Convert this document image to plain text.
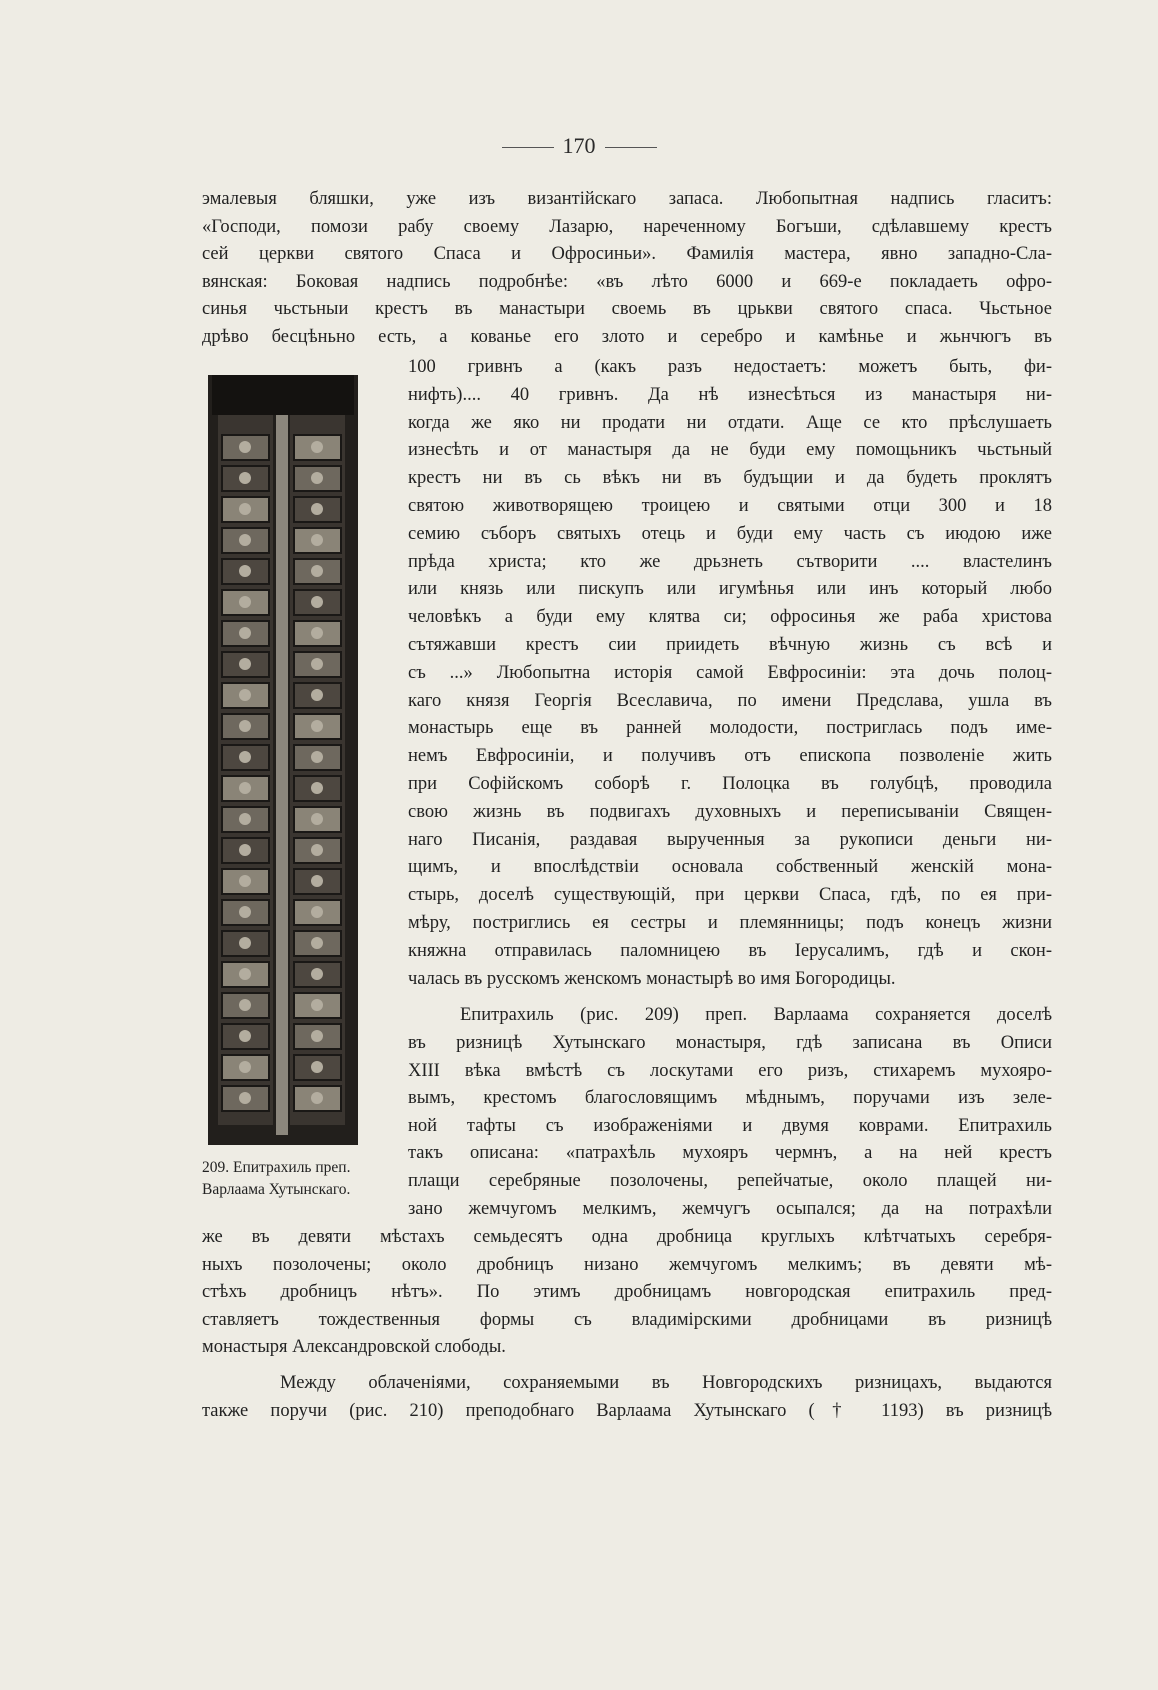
170
эмалевыя бляшки, уже изъ византійскаго запаса. Любопытная надпись гласитъ:
«Господи, помози рабу своему Лазарю, нареченному Богъши, сдѣлавшему крестъ
сей церкви святого Спаса и Офросиньи». Фамилія мастера, явно западно-Сла-
вянская: Боковая надпись подробнѣе: «въ лѣто 6000 и 669-е покладаеть офро-
синья чьстьныи крестъ въ манастыри своемь въ црькви святого спаса. Чьстьное
дрѣво бесцѣньно есть, а кованье его злото и серебро и камѣнье и жьнчюгъ въ
209. Епитрахиль преп.
Варлаама Хутынскаго.
100 гривнъ а (какъ разъ недостаетъ: можетъ быть, фи-
нифть).... 40 гривнъ. Да нѣ изнесѣться из манастыря ни-
когда же яко ни продати ни отдати. Аще се кто прѣслушаеть
изнесѣть и от манастыря да не буди ему помощьникъ чьстьный
крестъ ни въ сь вѣкъ ни въ будъщии и да будеть проклятъ
святою животворящею троицею и святыми отци 300 и 18
семию съборъ святыхъ отець и буди ему часть съ июдою иже
прѣда христа; кто же дрьзнеть сътворити .... властелинъ
или князь или пискупъ или игумѣнья или инъ который любо
человѣкъ а буди ему клятва си; офросинья же раба христова
сътяжавши крестъ сии приидеть вѣчную жизнь съ всѣ и
съ ...» Любопытна исторія самой Евфросиніи: эта дочь полоц-
каго князя Георгія Всеславича, по имени Предслава, ушла въ
монастырь еще въ ранней молодости, постриглась подъ име-
немъ Евфросиніи, и получивъ отъ епископа позволеніе жить
при Софійскомъ соборѣ г. Полоцка въ голубцѣ, проводила
свою жизнь въ подвигахъ духовныхъ и переписываніи Священ-
наго Писанія, раздавая вырученныя за рукописи деньги ни-
щимъ, и впослѣдствіи основала собственный женскій мона-
стырь, доселѣ существующій, при церкви Спаса, гдѣ, по ея при-
мѣру, постриглись ея сестры и племянницы; подъ конецъ жизни
княжна отправилась паломницею въ Іерусалимъ, гдѣ и скон-
чалась въ русскомъ женскомъ монастырѣ во имя Богородицы.
Епитрахиль (рис. 209) преп. Варлаама сохраняется доселѣ
въ ризницѣ Хутынскаго монастыря, гдѣ записана въ Описи
XIII вѣка вмѣстѣ съ лоскутами его ризъ, стихаремъ мухояро-
вымъ, крестомъ благословящимъ мѣднымъ, поручами изъ зеле-
ной тафты съ изображеніями и двумя коврами. Епитрахиль
такъ описана: «патрахѣль мухояръ чермнъ, а на ней крестъ
плащи серебряные позолочены, репейчатые, около плащей ни-
зано жемчугомъ мелкимъ, жемчугъ осыпался; да на потрахѣли
же въ девяти мѣстахъ семьдесятъ одна дробница круглыхъ клѣтчатыхъ серебря-
ныхъ позолочены; около дробницъ низано жемчугомъ мелкимъ; въ девяти мѣ-
стѣхъ дробницъ нѣтъ». По этимъ дробницамъ новгородская епитрахиль пред-
ставляетъ тождественныя формы съ владимірскими дробницами въ ризницѣ
монастыря Александровской слободы.
Между облаченіями, сохраняемыми въ Новгородскихъ ризницахъ, выдаются
также поручи (рис. 210) преподобнаго Варлаама Хутынскаго († 1193) въ ризницѣ
